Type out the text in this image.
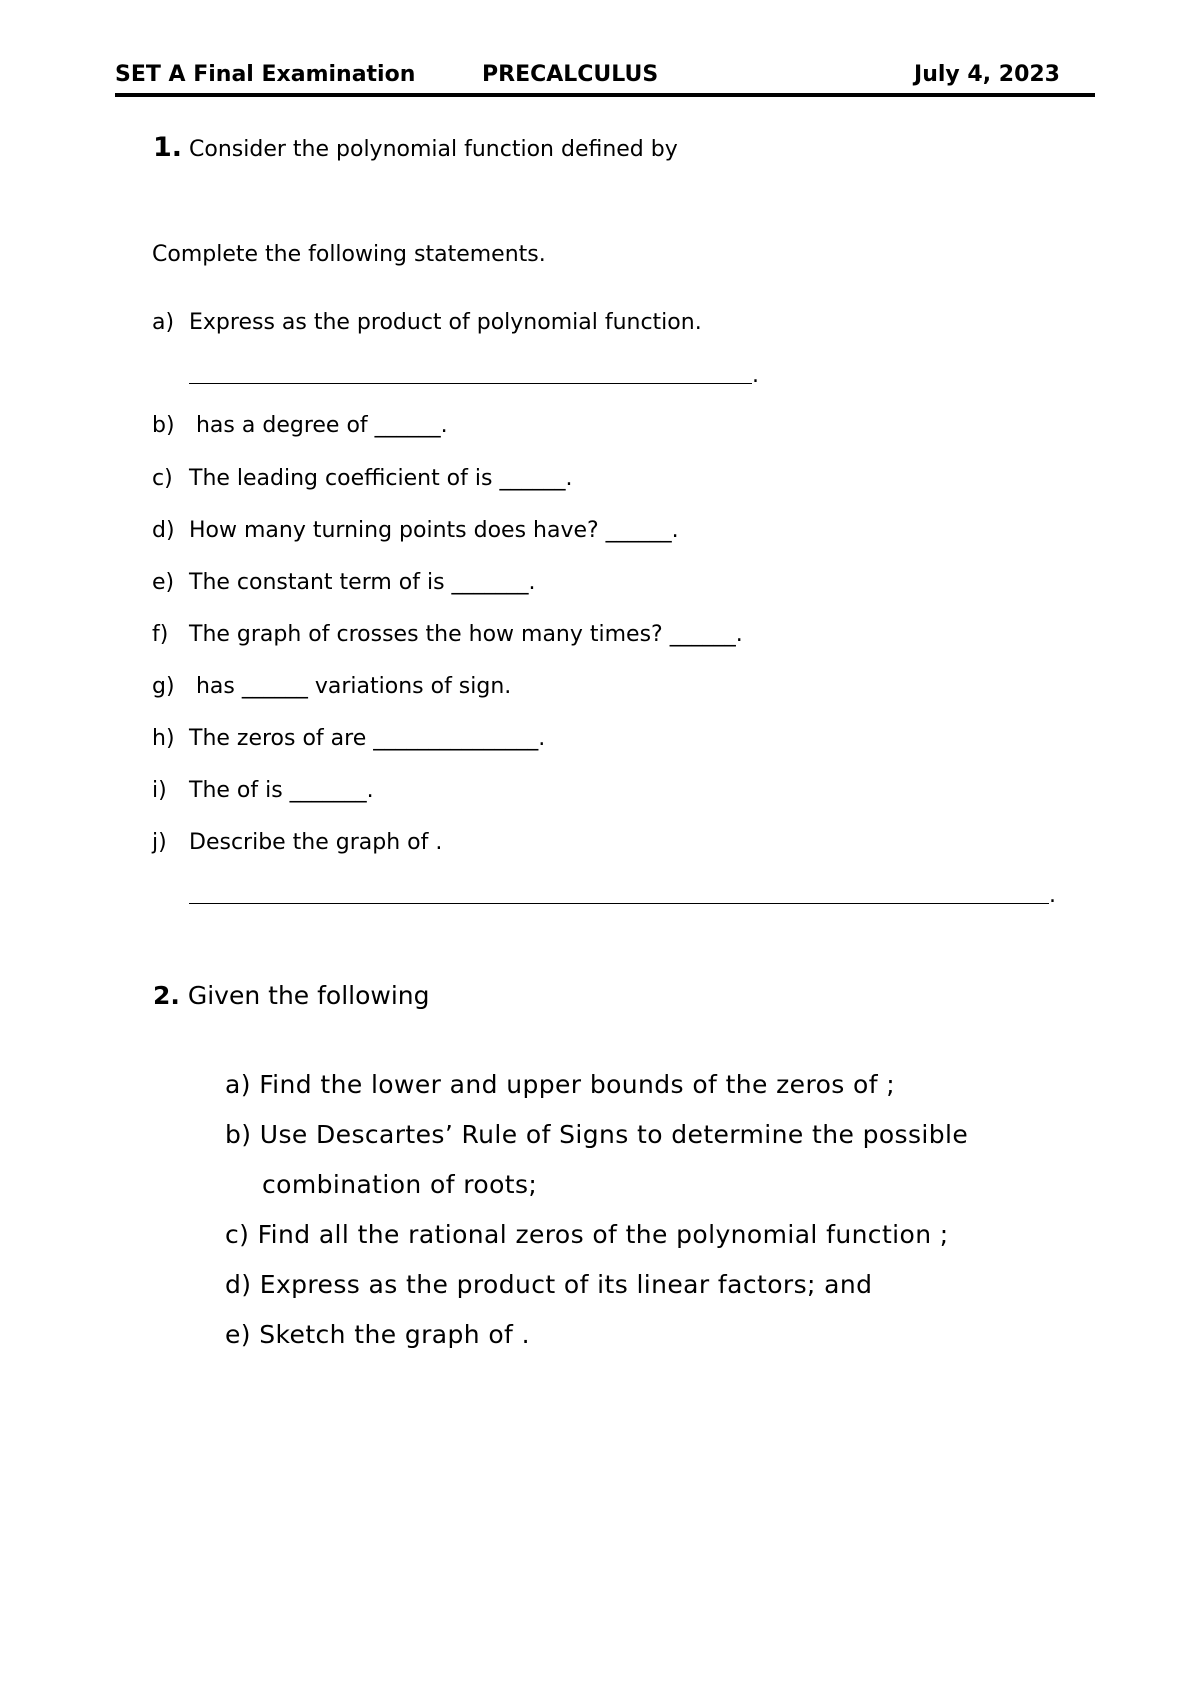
SET A Final Examination	PRECALCULUS	July 4, 2023
1. Consider the polynomial function defined by
Complete the following statements.
a) Express as the product of polynomial function.
.
b) has a degree of ______.
c) The leading coefficient of is ______.
d) How many turning points does have? ______.
e) The constant term of is _______.
f) The graph of crosses the how many times? ______.
g) has ______ variations of sign.
h) The zeros of are _______________.
i) The of is _______.
j) Describe the graph of .
.
2. Given the following
a) Find the lower and upper bounds of the zeros of ;
b) Use Descartes’ Rule of Signs to determine the possible
combination of roots;
c) Find all the rational zeros of the polynomial function ;
d) Express as the product of its linear factors; and
e) Sketch the graph of .
